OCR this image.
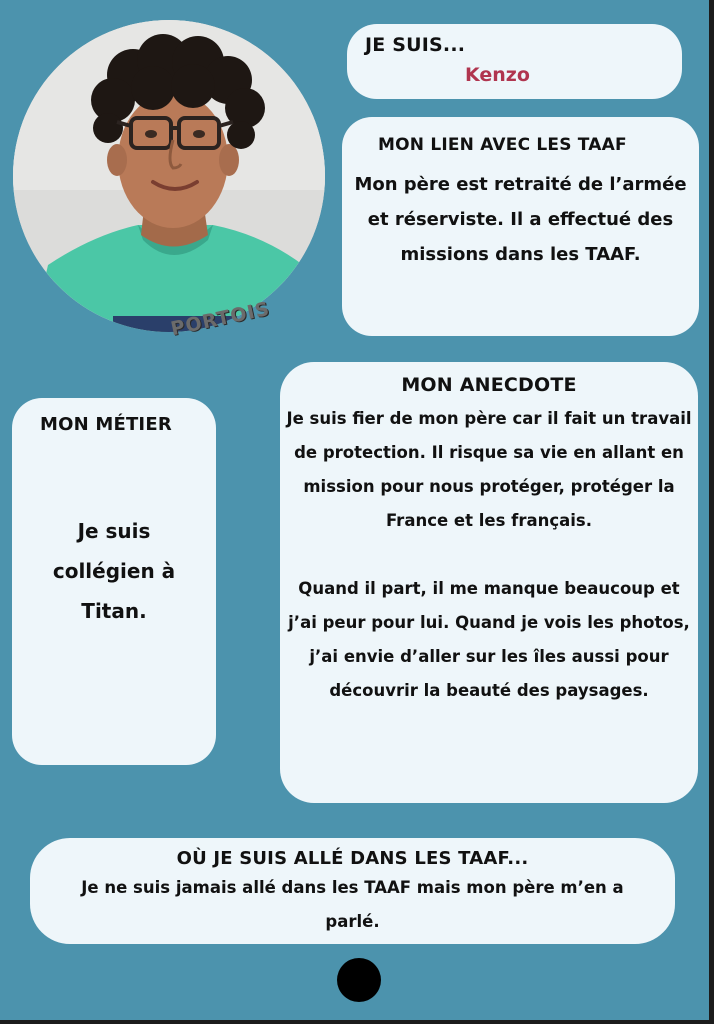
PORTOIS
JE SUIS...
Kenzo
MON LIEN AVEC LES TAAF
Mon père est retraité de l’armée et réserviste. Il a effectué des missions dans les TAAF.
MON ANECDOTE
Je suis fier de mon père car il fait un travail de protection. Il risque sa vie en allant en mission pour nous protéger, protéger la France et les français.
Quand il part, il me manque beaucoup et j’ai peur pour lui. Quand je vois les photos, j’ai envie d’aller sur les îles aussi pour découvrir la beauté des paysages.
MON MÉTIER
Je suis collégien à Titan.
OÙ JE SUIS ALLÉ DANS LES TAAF...
Je ne suis jamais allé dans les TAAF mais mon père m’en a parlé.
